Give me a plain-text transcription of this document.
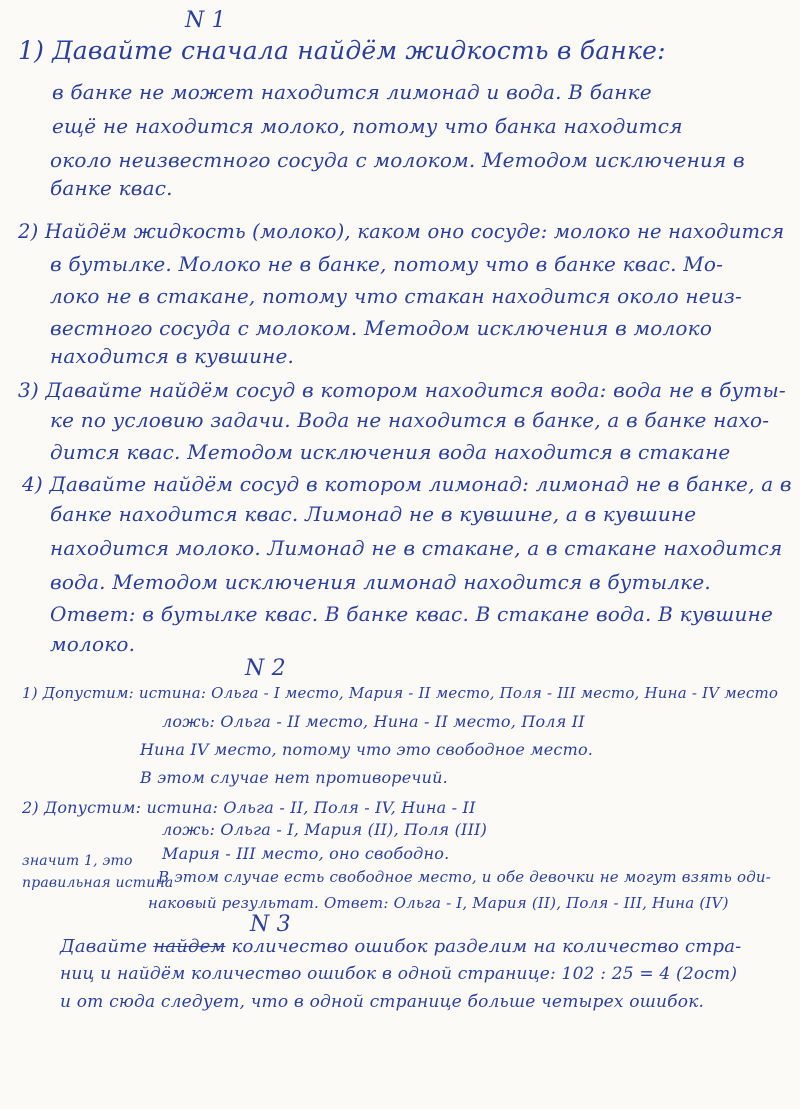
N 1
1) Давайте сначала найдём жидкость в банке:
в банке не может находится лимонад и вода. В банке
ещё не находится молоко, потому что банка находится
около неизвестного сосуда с молоком. Методом исключения в
банке квас.
2) Найдём жидкость (молоко), каком оно сосуде: молоко не находится
в бутылке. Молоко не в банке, потому что в банке квас. Мо-
локо не в стакане, потому что стакан находится около неиз-
вестного сосуда с молоком. Методом исключения в молоко
находится в кувшине.
3) Давайте найдём сосуд в котором находится вода: вода не в буты-
ке по условию задачи. Вода не находится в банке, а в банке нахо-
дится квас. Методом исключения вода находится в стакане
4) Давайте найдём сосуд в котором лимонад: лимонад не в банке, а в
банке находится квас. Лимонад не в кувшине, а в кувшине
находится молоко. Лимонад не в стакане, а в стакане находится
вода. Методом исключения лимонад находится в бутылке.
Ответ: в бутылке квас. В банке квас. В стакане вода. В кувшине
молоко.
N 2
1) Допустим: истина: Ольга - I место, Мария - II место, Поля - III место, Нина - IV место
ложь: Ольга - II место, Нина - II место, Поля II
Нина IV место, потому что это свободное место.
В этом случае нет противоречий.
2) Допустим: истина: Ольга - II, Поля - IV, Нина - II
ложь: Ольга - I, Мария (II), Поля (III)
Мария - III место, оно свободно.
значит 1, это
правильная истина
В этом случае есть свободное место, и обе девочки не могут взять оди-
наковый результат. Ответ: Ольга - I, Мария (II), Поля - III, Нина (IV)
N 3
Давайте найдем количество ошибок разделим на количество стра-
ниц и найдём количество ошибок в одной странице: 102 : 25 = 4 (2ост)
и от сюда следует, что в одной странице больше четырех ошибок.
